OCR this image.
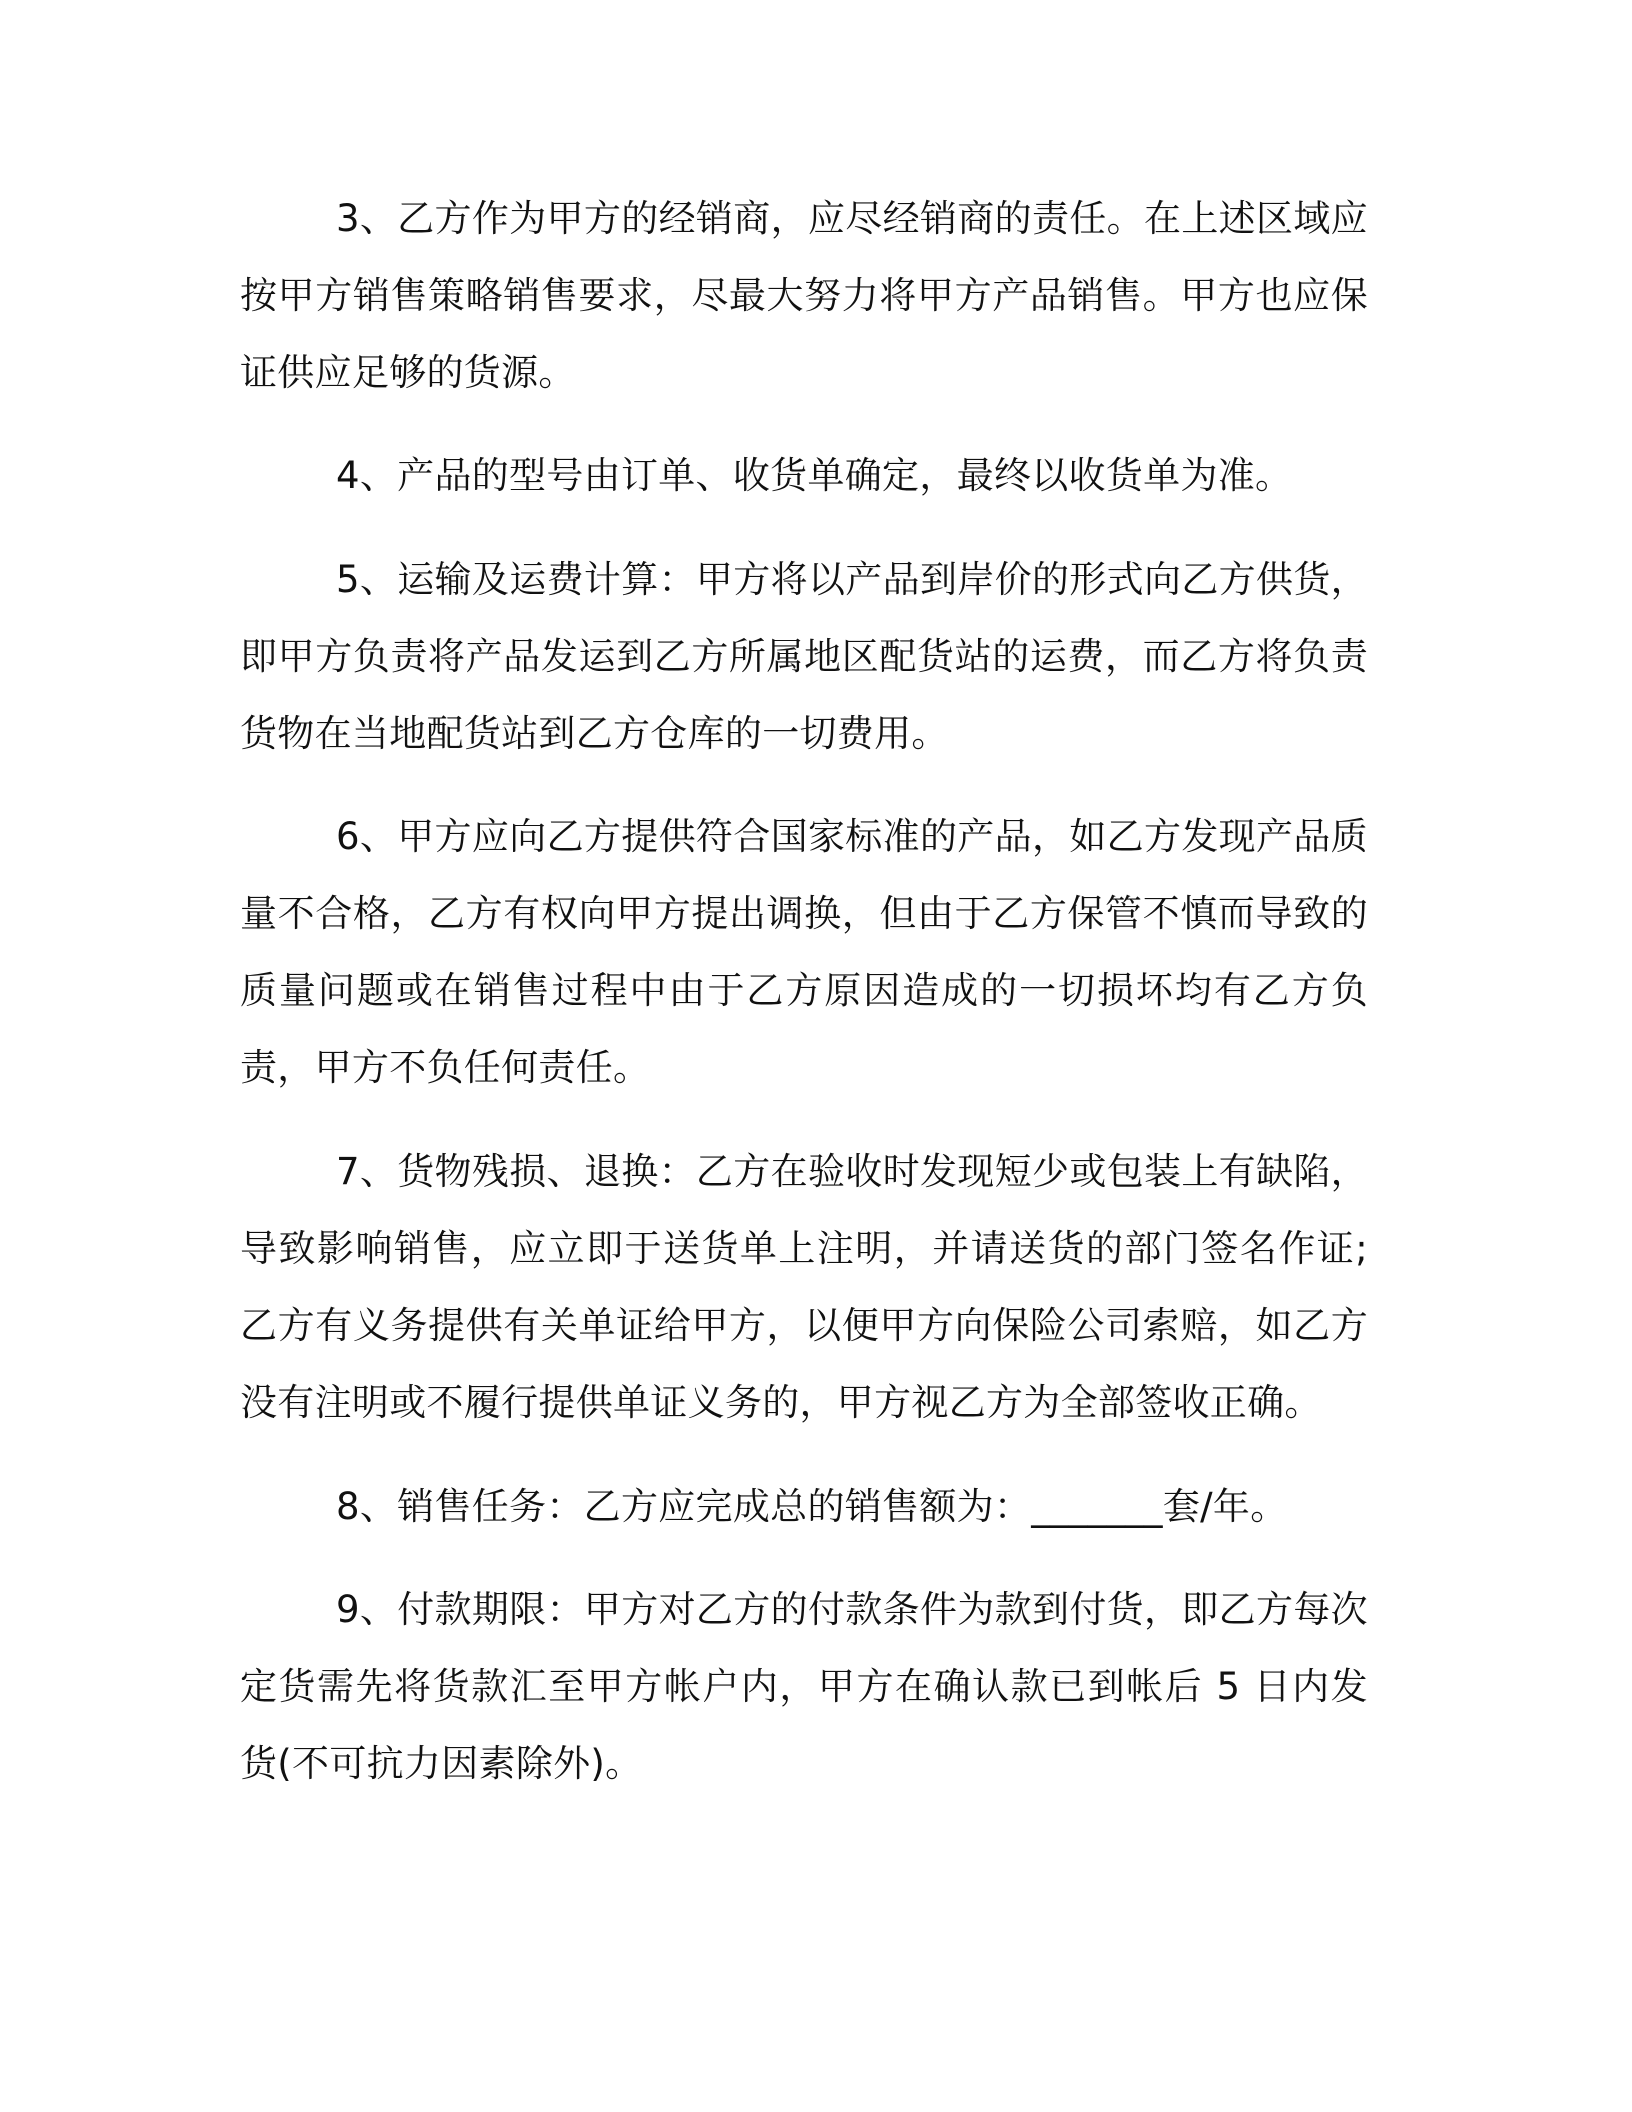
3、乙方作为甲方的经销商，应尽经销商的责任。在上述区域应按甲方销售策略销售要求，尽最大努力将甲方产品销售。甲方也应保证供应足够的货源。

4、产品的型号由订单、收货单确定，最终以收货单为准。

5、运输及运费计算：甲方将以产品到岸价的形式向乙方供货，即甲方负责将产品发运到乙方所属地区配货站的运费，而乙方将负责货物在当地配货站到乙方仓库的一切费用。

6、甲方应向乙方提供符合国家标准的产品，如乙方发现产品质量不合格，乙方有权向甲方提出调换，但由于乙方保管不慎而导致的质量问题或在销售过程中由于乙方原因造成的一切损坏均有乙方负责，甲方不负任何责任。

7、货物残损、退换：乙方在验收时发现短少或包装上有缺陷，导致影响销售，应立即于送货单上注明，并请送货的部门签名作证;乙方有义务提供有关单证给甲方，以便甲方向保险公司索赔，如乙方没有注明或不履行提供单证义务的，甲方视乙方为全部签收正确。

8、销售任务：乙方应完成总的销售额为：_______套/年。

9、付款期限：甲方对乙方的付款条件为款到付货，即乙方每次定货需先将货款汇至甲方帐户内，甲方在确认款已到帐后 5 日内发货(不可抗力因素除外)。
